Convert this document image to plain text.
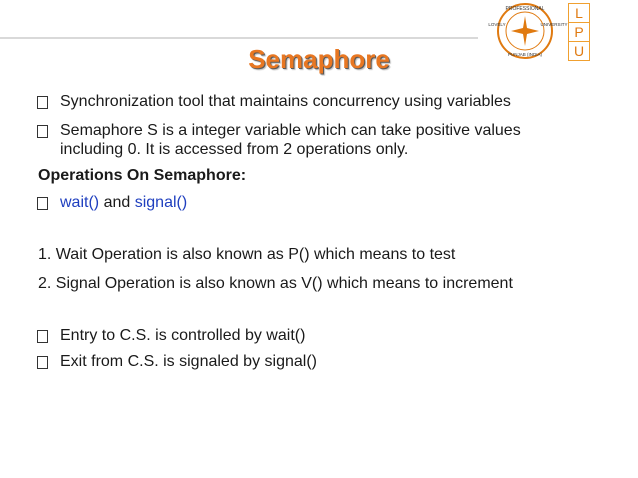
PROFESSIONAL
LOVELY	UNIVERSITY
PUNJAB (INDIA)
L
P
U
Semaphore
Synchronization tool that maintains concurrency using variables
Semaphore S is a integer variable which can take positive values
including 0. It is accessed from 2 operations only.
Operations On Semaphore:
wait() and signal()
1. Wait Operation is also known as P() which means to test
2. Signal Operation is also known as V() which means to increment
Entry to C.S. is controlled by wait()
Exit from C.S. is signaled by signal()
